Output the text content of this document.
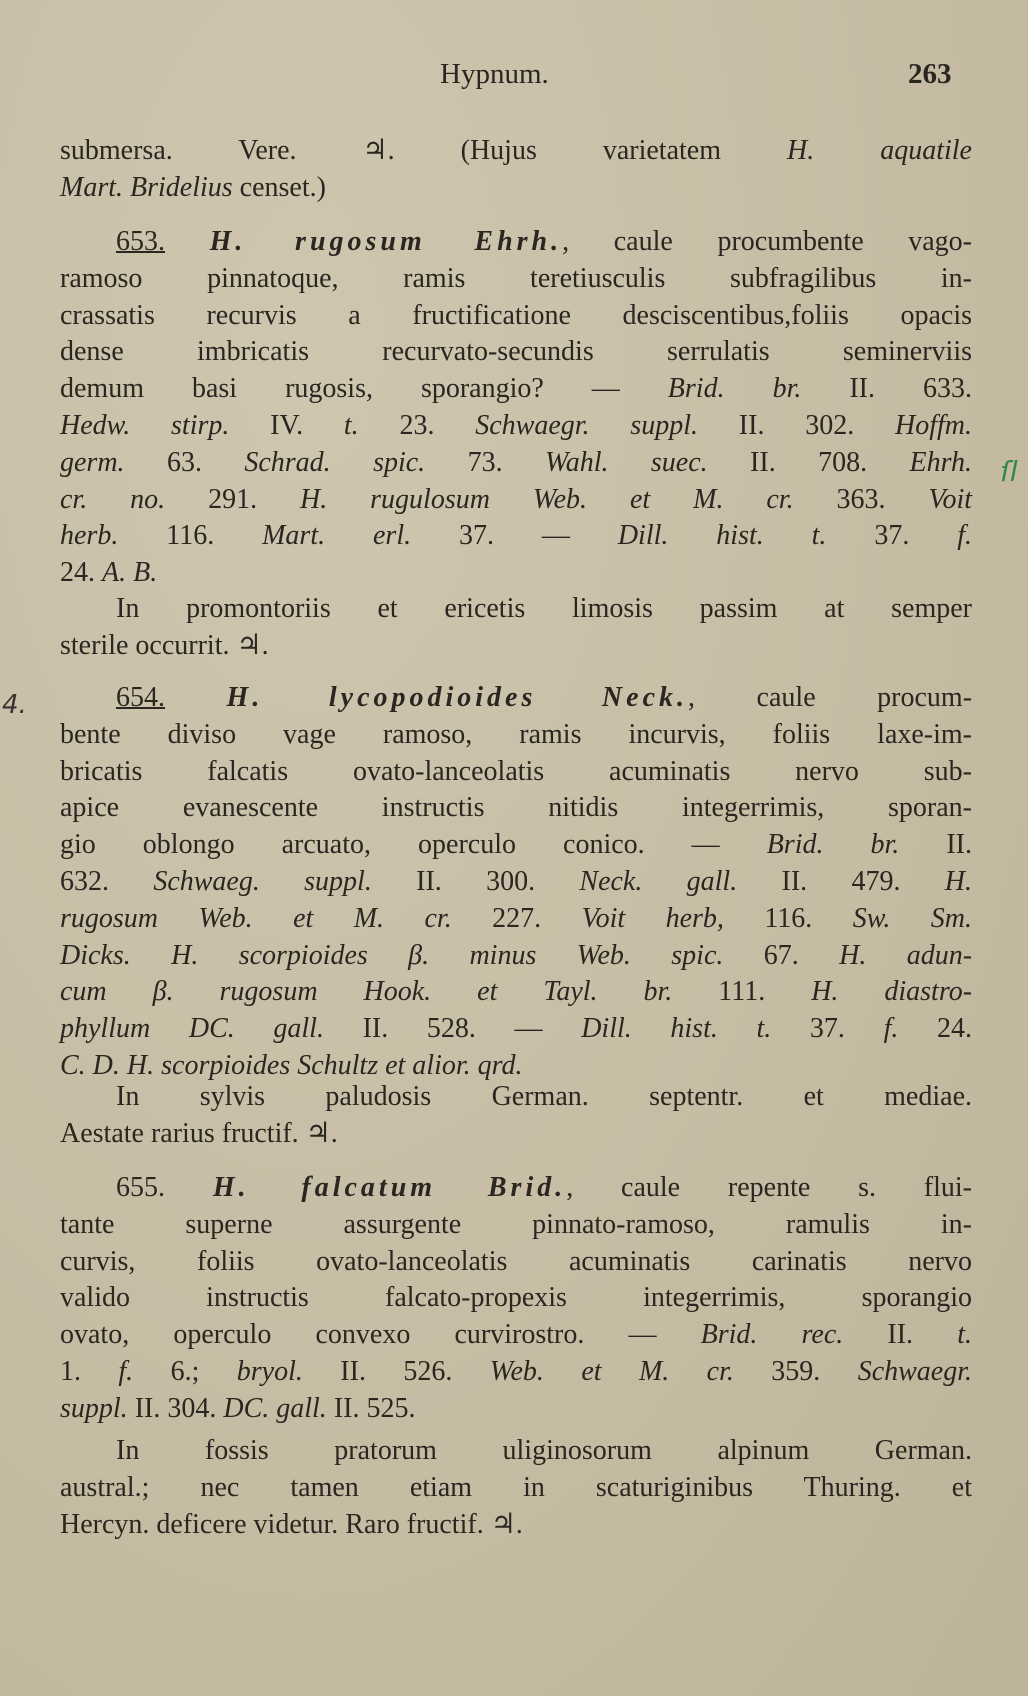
Hypnum.	263
submersa. Vere. ♃. (Hujus varietatem H. aquatile
Mart. Bridelius censet.)
653. H. rugosum Ehrh., caule procumbente vago-
ramoso pinnatoque, ramis teretiusculis subfragilibus in-
crassatis recurvis a fructificatione desciscentibus,foliis opacis
dense imbricatis recurvato-secundis serrulatis seminerviis
demum basi rugosis, sporangio? — Brid. br. II. 633.
Hedw. stirp. IV. t. 23. Schwaegr. suppl. II. 302. Hoffm.
germ. 63. Schrad. spic. 73. Wahl. suec. II. 708. Ehrh.
cr. no. 291. H. rugulosum Web. et M. cr. 363. Voit
herb. 116. Mart. erl. 37. — Dill. hist. t. 37. f.
24. A. B.
In promontoriis et ericetis limosis passim at semper
sterile occurrit. ♃.
654. H. lycopodioides Neck., caule procum-
bente diviso vage ramoso, ramis incurvis, foliis laxe-im-
bricatis falcatis ovato-lanceolatis acuminatis nervo sub-
apice evanescente instructis nitidis integerrimis, sporan-
gio oblongo arcuato, operculo conico. — Brid. br. II.
632. Schwaeg. suppl. II. 300. Neck. gall. II. 479. H.
rugosum Web. et M. cr. 227. Voit herb, 116. Sw. Sm.
Dicks. H. scorpioides β. minus Web. spic. 67. H. adun-
cum β. rugosum Hook. et Tayl. br. 111. H. diastro-
phyllum DC. gall. II. 528. — Dill. hist. t. 37. f. 24.
C. D. H. scorpioides Schultz et alior. qrd.
In sylvis paludosis German. septentr. et mediae.
Aestate rarius fructif. ♃.
655. H. falcatum Brid., caule repente s. flui-
tante superne assurgente pinnato-ramoso, ramulis in-
curvis, foliis ovato-lanceolatis acuminatis carinatis nervo
valido instructis falcato-propexis integerrimis, sporangio
ovato, operculo convexo curvirostro. — Brid. rec. II. t.
1. f. 6.; bryol. II. 526. Web. et M. cr. 359. Schwaegr.
suppl. II. 304. DC. gall. II. 525.
In fossis pratorum uliginosorum alpinum German.
austral.; nec tamen etiam in scaturiginibus Thuring. et
Hercyn. deficere videtur. Raro fructif. ♃.
4.
ſl
